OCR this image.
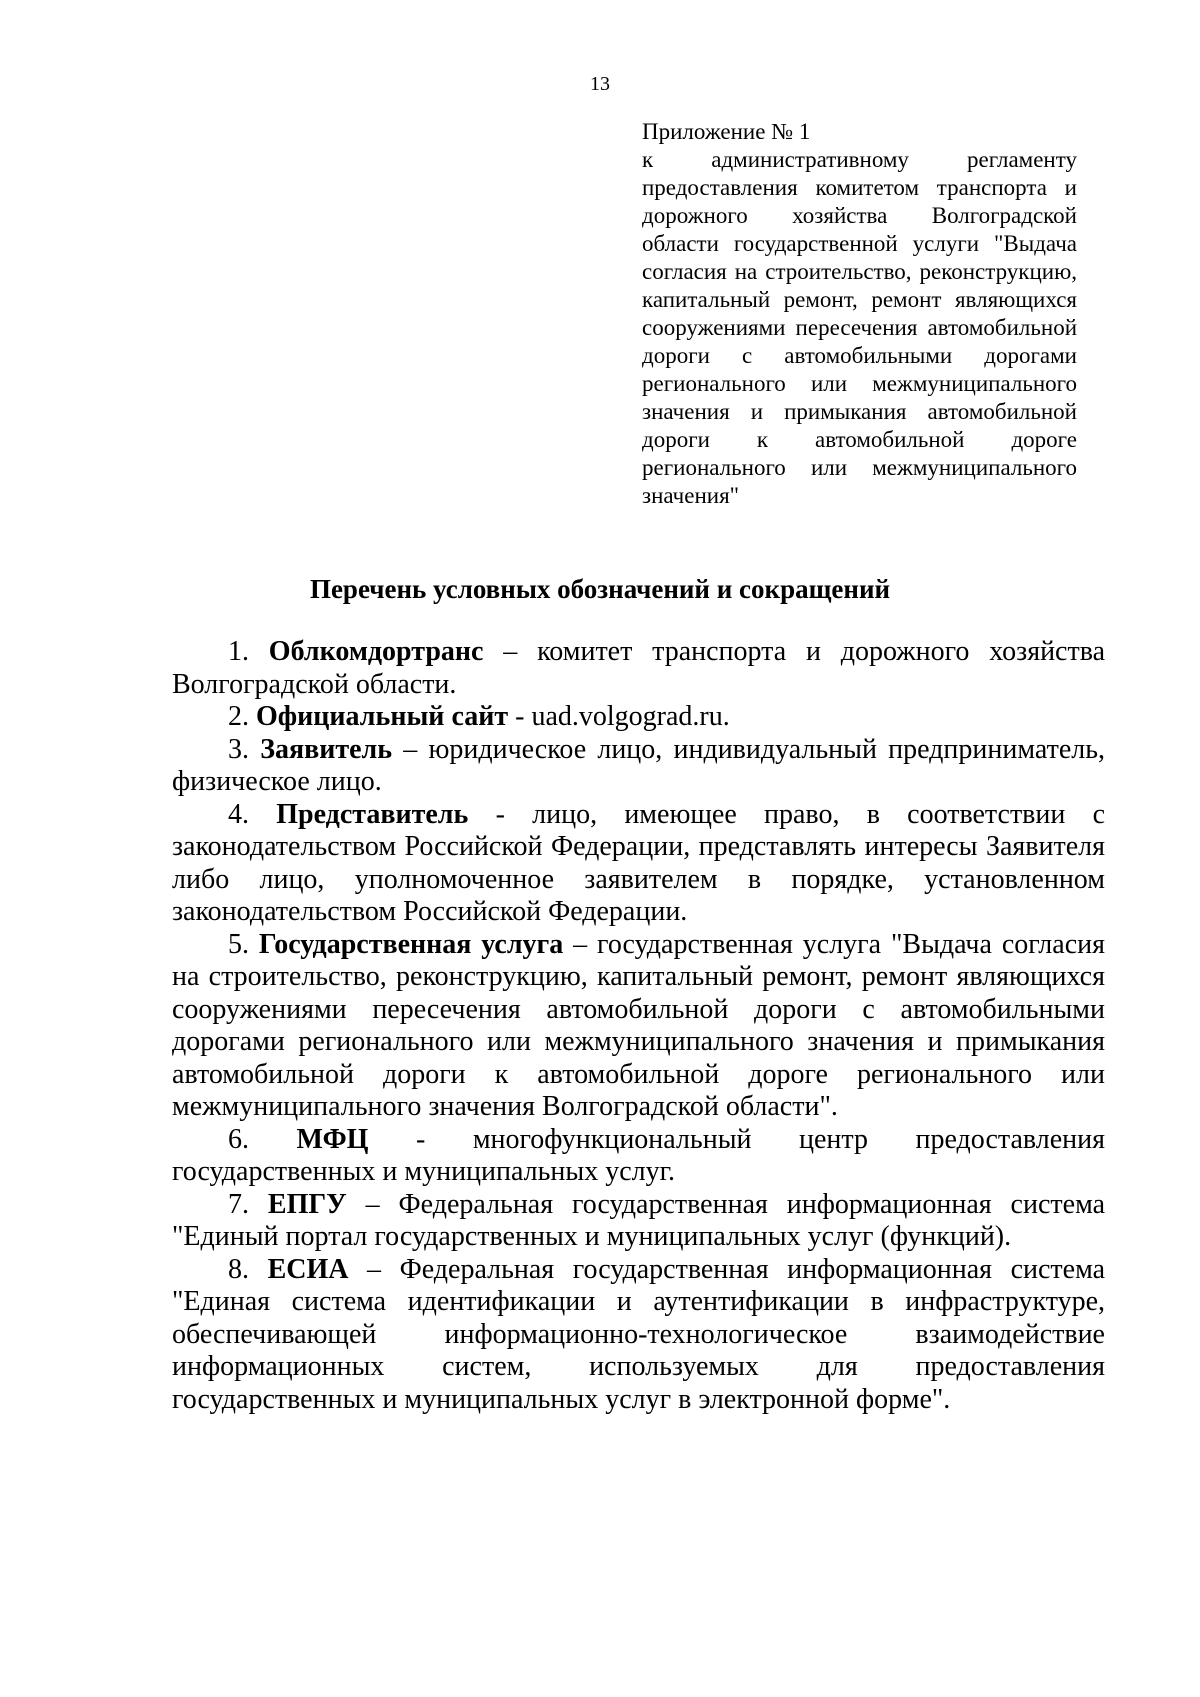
13
Приложение № 1
к административному регламенту предоставления комитетом транспорта и дорожного хозяйства Волгоградской области государственной услуги "Выдача согласия на строительство, реконструкцию, капитальный ремонт, ремонт являющихся сооружениями пересечения автомобильной дороги с автомобильными дорогами регионального или межмуниципального значения и примыкания автомобильной дороги к автомобильной дороге регионального или межмуниципального значения"
Перечень условных обозначений и сокращений

1. Облкомдортранс – комитет транспорта и дорожного хозяйства Волгоградской области.

2. Официальный сайт - uad.volgograd.ru.

3. Заявитель – юридическое лицо, индивидуальный предприниматель, физическое лицо.

4. Представитель - лицо, имеющее право, в соответствии с законодательством Российской Федерации, представлять интересы Заявителя либо лицо, уполномоченное заявителем в порядке, установленном законодательством Российской Федерации.

5. Государственная услуга – государственная услуга "Выдача согласия на строительство, реконструкцию, капитальный ремонт, ремонт являющихся сооружениями пересечения автомобильной дороги с автомобильными дорогами регионального или межмуниципального значения и примыкания автомобильной дороги к автомобильной дороге регионального или межмуниципального значения Волгоградской области".

6. МФЦ - многофункциональный центр предоставления государственных и муниципальных услуг.

7. ЕПГУ – Федеральная государственная информационная система "Единый портал государственных и муниципальных услуг (функций).

8. ЕСИА – Федеральная государственная информационная система "Единая система идентификации и аутентификации в инфраструктуре, обеспечивающей информационно-технологическое взаимодействие информационных систем, используемых для предоставления государственных и муниципальных услуг в электронной форме".
